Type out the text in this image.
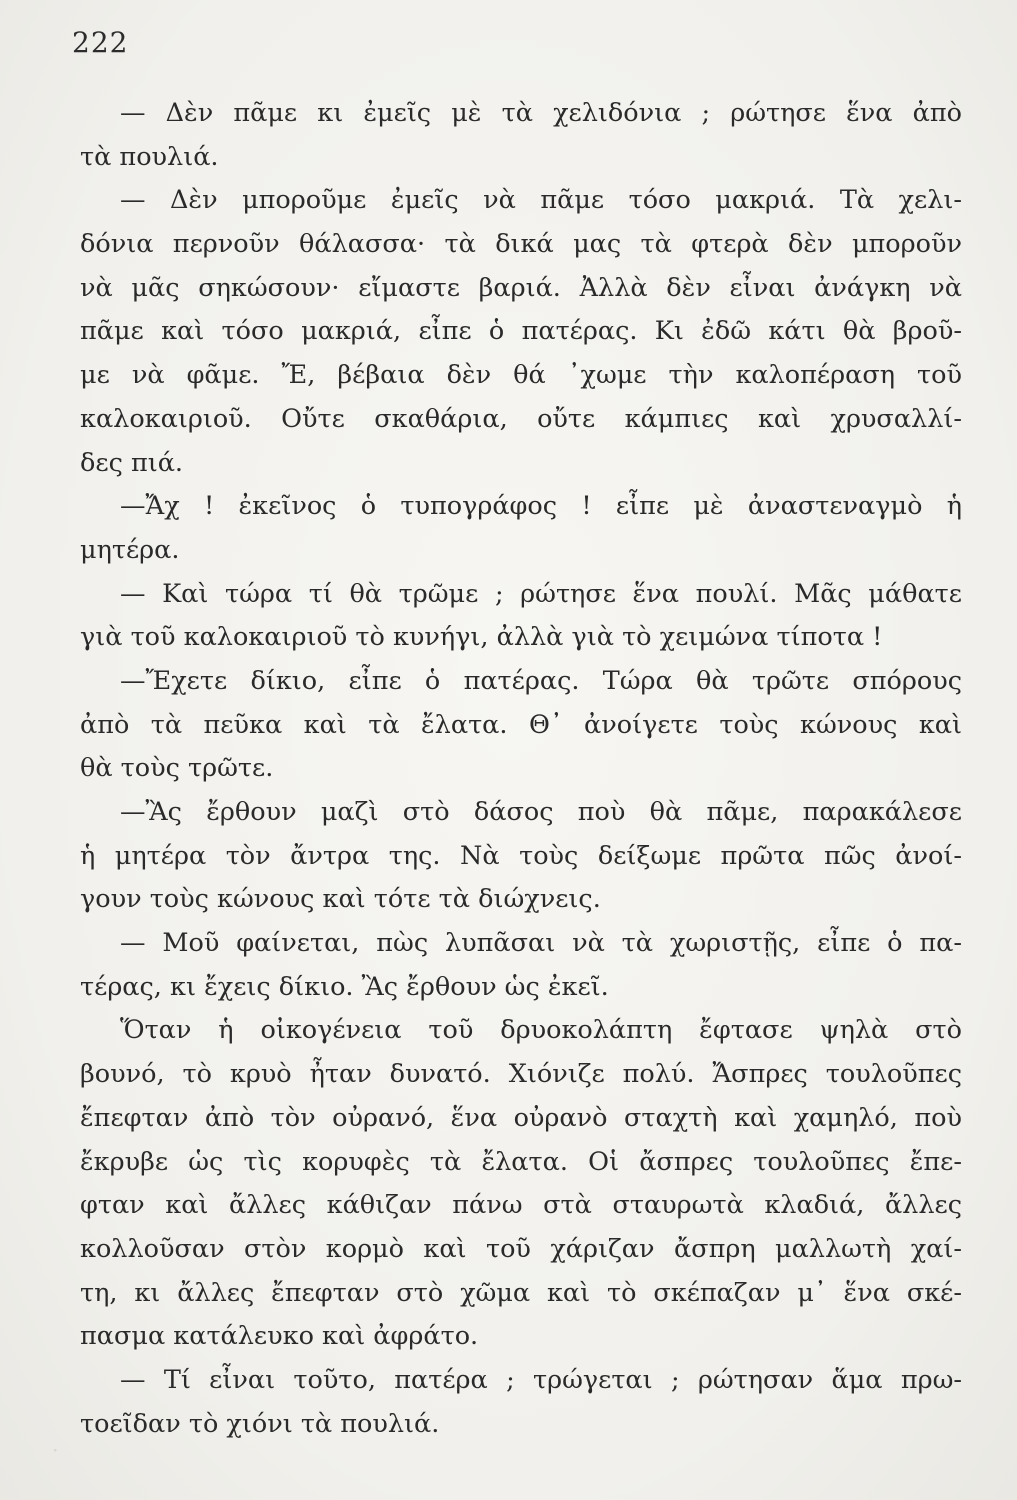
222
— Δὲν πᾶμε κι ἐμεῖς μὲ τὰ χελιδόνια ; ρώτησε ἕνα ἀπὸ
τὰ πουλιά.
— Δὲν μποροῦμε ἐμεῖς νὰ πᾶμε τόσο μακριά. Τὰ χελι-
δόνια περνοῦν θάλασσα· τὰ δικά μας τὰ φτερὰ δὲν μποροῦν
νὰ μᾶς σηκώσουν· εἴμαστε βαριά. Ἀλλὰ δὲν εἶναι ἀνάγκη νὰ
πᾶμε καὶ τόσο μακριά, εἶπε ὁ πατέρας. Κι ἐδῶ κάτι θὰ βροῦ-
με νὰ φᾶμε. Ἔ, βέβαια δὲν θά ᾿χωμε τὴν καλοπέραση τοῦ
καλοκαιριοῦ. Οὔτε σκαθάρια, οὔτε κάμπιες καὶ χρυσαλλί-
δες πιά.
—Ἄχ ! ἐκεῖνος ὁ τυπογράφος ! εἶπε μὲ ἀναστεναγμὸ ἡ
μητέρα.
— Καὶ τώρα τί θὰ τρῶμε ; ρώτησε ἕνα πουλί. Μᾶς μάθατε
γιὰ τοῦ καλοκαιριοῦ τὸ κυνήγι, ἀλλὰ γιὰ τὸ χειμώνα τίποτα !
—Ἔχετε δίκιο, εἶπε ὁ πατέρας. Τώρα θὰ τρῶτε σπόρους
ἀπὸ τὰ πεῦκα καὶ τὰ ἔλατα. Θ᾿ ἀνοίγετε τοὺς κώνους καὶ
θὰ τοὺς τρῶτε.
—Ἂς ἔρθουν μαζὶ στὸ δάσος ποὺ θὰ πᾶμε, παρακάλεσε
ἡ μητέρα τὸν ἄντρα της. Νὰ τοὺς δείξωμε πρῶτα πῶς ἀνοί-
γουν τοὺς κώνους καὶ τότε τὰ διώχνεις.
— Μοῦ φαίνεται, πὼς λυπᾶσαι νὰ τὰ χωριστῇς, εἶπε ὁ πα-
τέρας, κι ἔχεις δίκιο. Ἂς ἔρθουν ὡς ἐκεῖ.
Ὅταν ἡ οἰκογένεια τοῦ δρυοκολάπτη ἔφτασε ψηλὰ στὸ
βουνό, τὸ κρυὸ ἦταν δυνατό. Χιόνιζε πολύ. Ἄσπρες τουλοῦπες
ἔπεφταν ἀπὸ τὸν οὐρανό, ἕνα οὐρανὸ σταχτὴ καὶ χαμηλό, ποὺ
ἔκρυβε ὡς τὶς κορυφὲς τὰ ἔλατα. Οἱ ἄσπρες τουλοῦπες ἔπε-
φταν καὶ ἄλλες κάθιζαν πάνω στὰ σταυρωτὰ κλαδιά, ἄλλες
κολλοῦσαν στὸν κορμὸ καὶ τοῦ χάριζαν ἄσπρη μαλλωτὴ χαί-
τη, κι ἄλλες ἔπεφταν στὸ χῶμα καὶ τὸ σκέπαζαν μ᾿ ἕνα σκέ-
πασμα κατάλευκο καὶ ἀφράτο.
— Τί εἶναι τοῦτο, πατέρα ; τρώγεται ; ρώτησαν ἅμα πρω-
τοεῖδαν τὸ χιόνι τὰ πουλιά.
·
